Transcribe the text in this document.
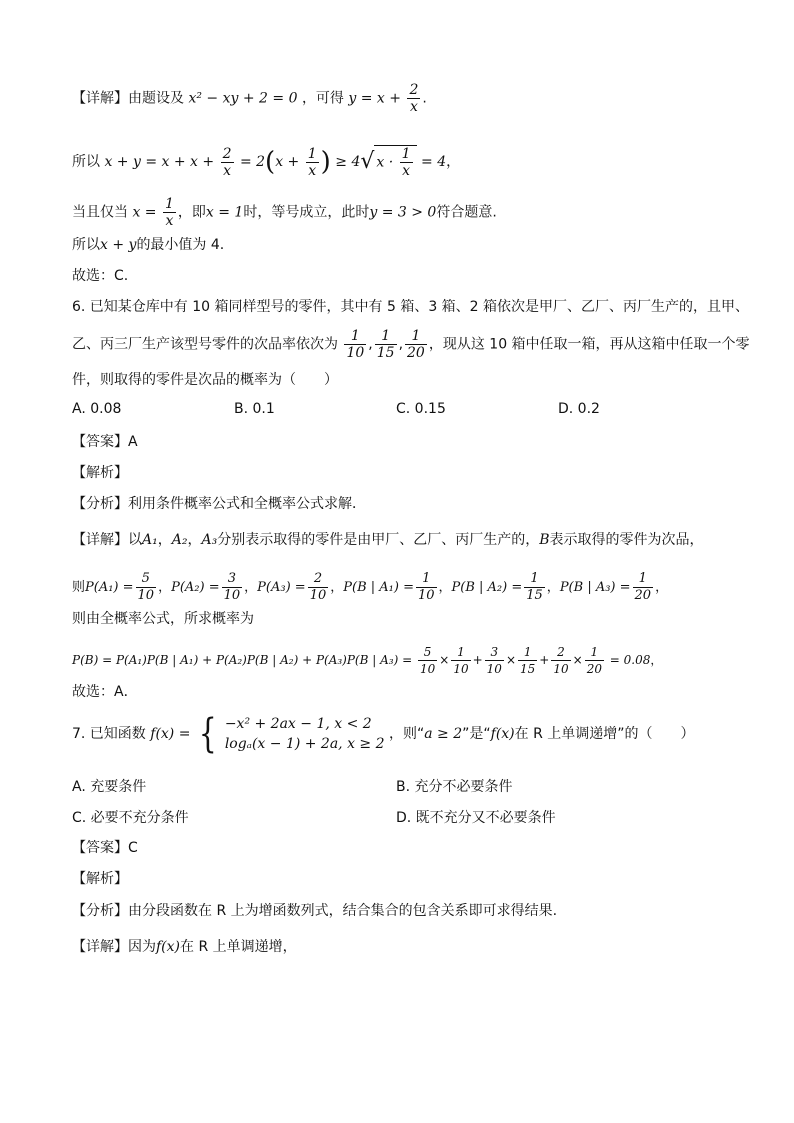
【详解】由题设及 x² − xy + 2 = 0 ，可得 $y = x + \frac{2}{x}$ .
所以 $x + y = x + x + \frac{2}{x} = 2(x + \frac{1}{x}$ ) ≥ 4√ $x \cdot \frac{1}{x} = 4$，
当且仅当 $x = \frac{1}{x}$ ，即x = 1时，等号成立，此时y = 3 > 0符合题意.
所以x + y的最小值为 4.
故选：C.
6. 已知某仓库中有 10 箱同样型号的零件，其中有 5 箱、3 箱、2 箱依次是甲厂、乙厂、丙厂生产的，且甲、
乙、丙三厂生产该型号零件的次品率依次为 $\frac{1}{10}$ , $\frac{1}{15}$ , $\frac{1}{20}$ ，现从这 10 箱中任取一箱，再从这箱中任取一个零
件，则取得的零件是次品的概率为（　　）
A. 0.08	B. 0.1	C. 0.15	D. 0.2
【答案】A
【解析】
【分析】利用条件概率公式和全概率公式求解．
【详解】以A₁，A₂，A₃分别表示取得的零件是由甲厂、乙厂、丙厂生产的，B表示取得的零件为次品，
则$P(A_1) = \frac{5}{10}$ ，$P(A_2) = \frac{3}{10}$ ，$P(A_3) = \frac{2}{10}$ ，P(B | $A_1) = \frac{1}{10}$ ，P(B | $A_2) = \frac{1}{15}$ ，P(B | $A_3) = \frac{1}{20}$ ，
则由全概率公式，所求概率为
P(B) = P(A₁)P(B | A₁) + P(A₂)P(B | A₂) + P(A₃)P(B | $A_3) = \frac{5}{10} \times \frac{1}{10} + \frac{3}{10} \times \frac{1}{15} + \frac{2}{10} \times \frac{1}{20} = 0.08$，
故选：A．
7. 已知函数 f(x) = { −x² + 2ax − 1, x < 2
logₐ(x − 1) + 2a, x ≥ 2
，则“a ≥ 2”是“f(x)在 R 上单调递增”的（　　）
A. 充要条件	B. 充分不必要条件
C. 必要不充分条件	D. 既不充分又不必要条件
【答案】C
【解析】
【分析】由分段函数在 R 上为增函数列式，结合集合的包含关系即可求得结果.
【详解】因为f(x)在 R 上单调递增，
